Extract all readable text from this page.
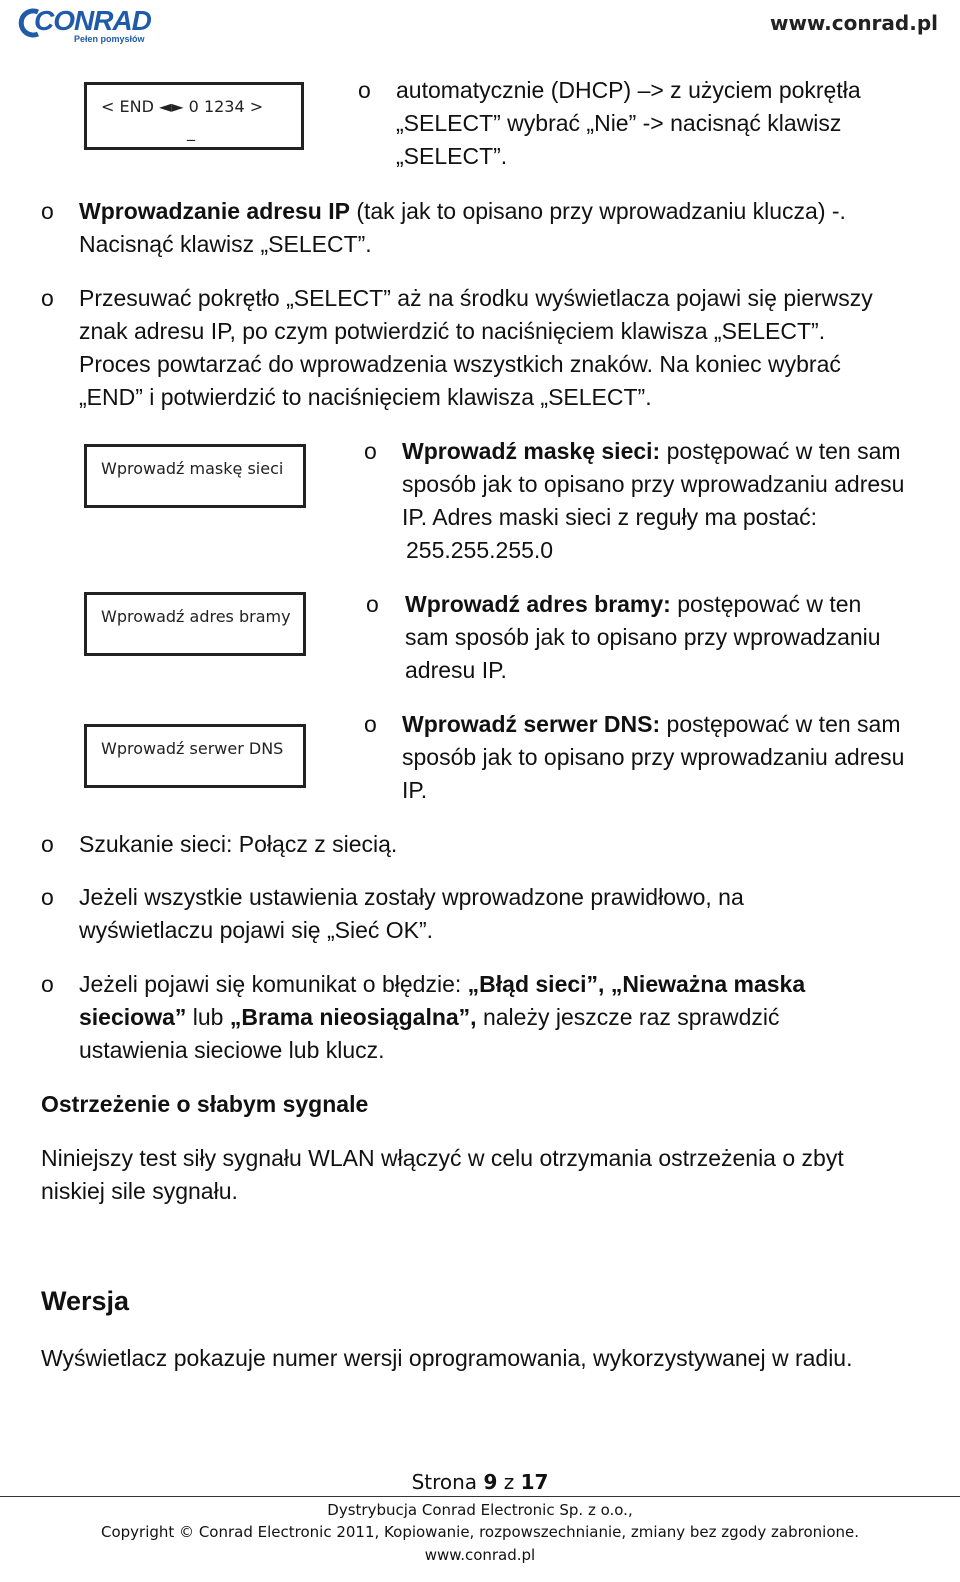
CONRAD
Pełen pomysłów
www.conrad.pl
< END ◄► 0 1234 >
_
o	automatycznie (DHCP) –> z użyciem pokrętła
„SELECT” wybrać „Nie” -> nacisnąć klawisz
„SELECT”.
o	Wprowadzanie adresu IP (tak jak to opisano przy wprowadzaniu klucza) -.
Nacisnąć klawisz „SELECT”.
o	Przesuwać pokrętło „SELECT” aż na środku wyświetlacza pojawi się pierwszy
znak adresu IP, po czym potwierdzić to naciśnięciem klawisza „SELECT”.
Proces powtarzać do wprowadzenia wszystkich znaków. Na koniec wybrać
„END” i potwierdzić to naciśnięciem klawisza „SELECT”.
Wprowadź maskę sieci
o	Wprowadź maskę sieci: postępować w ten sam
sposób jak to opisano przy wprowadzaniu adresu
IP. Adres maski sieci z reguły ma postać:
255.255.255.0
Wprowadź adres bramy	o	Wprowadź adres bramy: postępować w ten
sam sposób jak to opisano przy wprowadzaniu
adresu IP.
Wprowadź serwer DNS
o	Wprowadź serwer DNS: postępować w ten sam
sposób jak to opisano przy wprowadzaniu adresu
IP.
o	Szukanie sieci: Połącz z siecią.
o	Jeżeli wszystkie ustawienia zostały wprowadzone prawidłowo, na
wyświetlaczu pojawi się „Sieć OK”.
o	Jeżeli pojawi się komunikat o błędzie: „Błąd sieci”, „Nieważna maska
sieciowa” lub „Brama nieosiągalna”, należy jeszcze raz sprawdzić
ustawienia sieciowe lub klucz.
Ostrzeżenie o słabym sygnale
Niniejszy test siły sygnału WLAN włączyć w celu otrzymania ostrzeżenia o zbyt
niskiej sile sygnału.
Wersja
Wyświetlacz pokazuje numer wersji oprogramowania, wykorzystywanej w radiu.
Strona 9 z 17
Dystrybucja Conrad Electronic Sp. z o.o.,
Copyright © Conrad Electronic 2011, Kopiowanie, rozpowszechnianie, zmiany bez zgody zabronione.
www.conrad.pl
